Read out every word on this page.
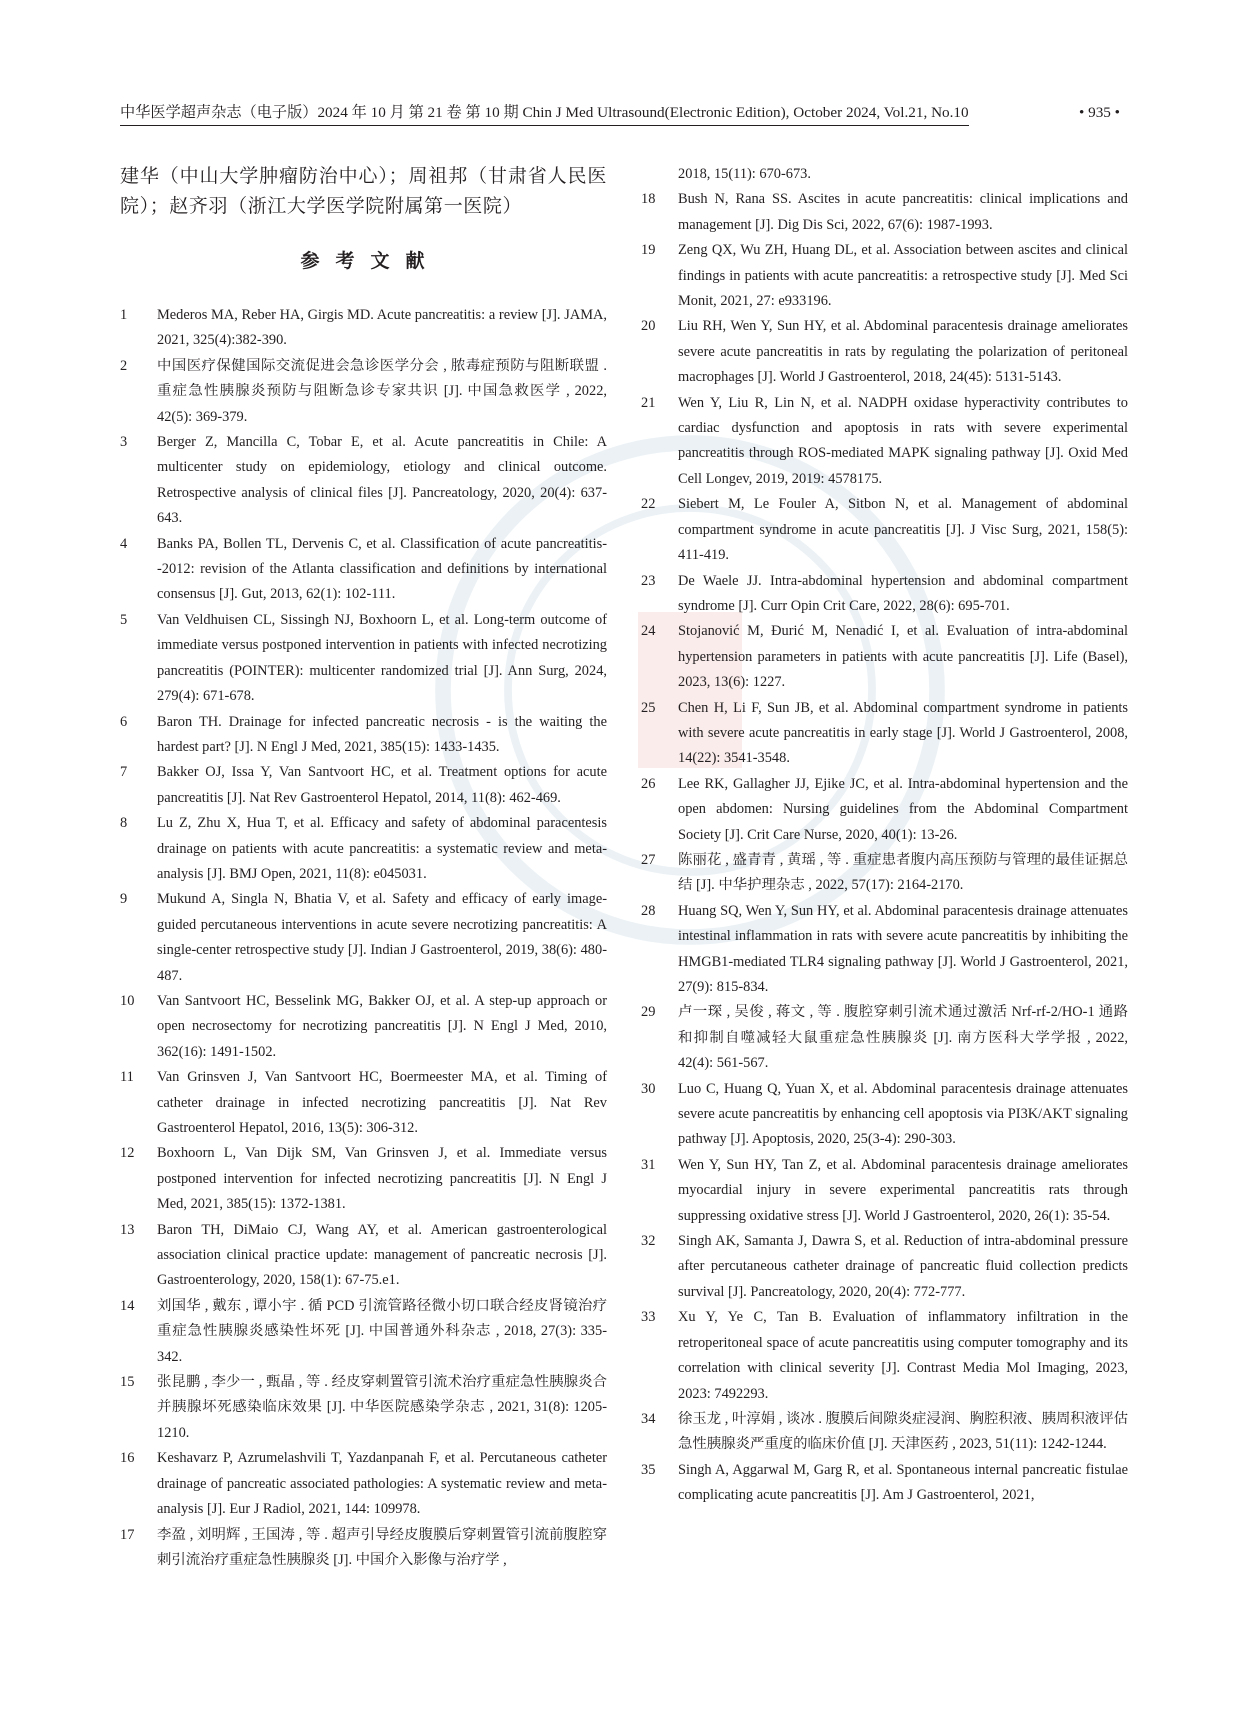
中华医学超声杂志（电子版）2024 年 10 月 第 21 卷 第 10 期 Chin J Med Ultrasound(Electronic Edition), October 2024, Vol.21, No.10	• 935 •

建华（中山大学肿瘤防治中心）；周祖邦（甘肃省人民医院）；赵齐羽（浙江大学医学院附属第一医院）

参考文献
1 Mederos MA, Reber HA, Girgis MD. Acute pancreatitis: a review [J]. JAMA, 2021, 325(4):382-390.
2 中国医疗保健国际交流促进会急诊医学分会 , 脓毒症预防与阻断联盟 . 重症急性胰腺炎预防与阻断急诊专家共识 [J]. 中国急救医学 , 2022, 42(5): 369-379.
3 Berger Z, Mancilla C, Tobar E, et al. Acute pancreatitis in Chile: A multicenter study on epidemiology, etiology and clinical outcome. Retrospective analysis of clinical files [J]. Pancreatology, 2020, 20(4): 637-643.
4 Banks PA, Bollen TL, Dervenis C, et al. Classification of acute pancreatitis--2012: revision of the Atlanta classification and definitions by international consensus [J]. Gut, 2013, 62(1): 102-111.
5 Van Veldhuisen CL, Sissingh NJ, Boxhoorn L, et al. Long-term outcome of immediate versus postponed intervention in patients with infected necrotizing pancreatitis (POINTER): multicenter randomized trial [J]. Ann Surg, 2024, 279(4): 671-678.
6 Baron TH. Drainage for infected pancreatic necrosis - is the waiting the hardest part? [J]. N Engl J Med, 2021, 385(15): 1433-1435.
7 Bakker OJ, Issa Y, Van Santvoort HC, et al. Treatment options for acute pancreatitis [J]. Nat Rev Gastroenterol Hepatol, 2014, 11(8): 462-469.
8 Lu Z, Zhu X, Hua T, et al. Efficacy and safety of abdominal paracentesis drainage on patients with acute pancreatitis: a systematic review and meta-analysis [J]. BMJ Open, 2021, 11(8): e045031.
9 Mukund A, Singla N, Bhatia V, et al. Safety and efficacy of early image-guided percutaneous interventions in acute severe necrotizing pancreatitis: A single-center retrospective study [J]. Indian J Gastroenterol, 2019, 38(6): 480-487.
10 Van Santvoort HC, Besselink MG, Bakker OJ, et al. A step-up approach or open necrosectomy for necrotizing pancreatitis [J]. N Engl J Med, 2010, 362(16): 1491-1502.
11 Van Grinsven J, Van Santvoort HC, Boermeester MA, et al. Timing of catheter drainage in infected necrotizing pancreatitis [J]. Nat Rev Gastroenterol Hepatol, 2016, 13(5): 306-312.
12 Boxhoorn L, Van Dijk SM, Van Grinsven J, et al. Immediate versus postponed intervention for infected necrotizing pancreatitis [J]. N Engl J Med, 2021, 385(15): 1372-1381.
13 Baron TH, DiMaio CJ, Wang AY, et al. American gastroenterological association clinical practice update: management of pancreatic necrosis [J]. Gastroenterology, 2020, 158(1): 67-75.e1.
14 刘国华 , 戴东 , 谭小宇 . 循 PCD 引流管路径微小切口联合经皮肾镜治疗重症急性胰腺炎感染性坏死 [J]. 中国普通外科杂志 , 2018, 27(3): 335-342.
15 张昆鹏 , 李少一 , 甄晶 , 等 . 经皮穿刺置管引流术治疗重症急性胰腺炎合并胰腺坏死感染临床效果 [J]. 中华医院感染学杂志 , 2021, 31(8): 1205-1210.
16 Keshavarz P, Azrumelashvili T, Yazdanpanah F, et al. Percutaneous catheter drainage of pancreatic associated pathologies: A systematic review and meta-analysis [J]. Eur J Radiol, 2021, 144: 109978.
17 李盈 , 刘明辉 , 王国涛 , 等 . 超声引导经皮腹膜后穿刺置管引流前腹腔穿刺引流治疗重症急性胰腺炎 [J]. 中国介入影像与治疗学 ,
2018, 15(11): 670-673.
18 Bush N, Rana SS. Ascites in acute pancreatitis: clinical implications and management [J]. Dig Dis Sci, 2022, 67(6): 1987-1993.
19 Zeng QX, Wu ZH, Huang DL, et al. Association between ascites and clinical findings in patients with acute pancreatitis: a retrospective study [J]. Med Sci Monit, 2021, 27: e933196.
20 Liu RH, Wen Y, Sun HY, et al. Abdominal paracentesis drainage ameliorates severe acute pancreatitis in rats by regulating the polarization of peritoneal macrophages [J]. World J Gastroenterol, 2018, 24(45): 5131-5143.
21 Wen Y, Liu R, Lin N, et al. NADPH oxidase hyperactivity contributes to cardiac dysfunction and apoptosis in rats with severe experimental pancreatitis through ROS-mediated MAPK signaling pathway [J]. Oxid Med Cell Longev, 2019, 2019: 4578175.
22 Siebert M, Le Fouler A, Sitbon N, et al. Management of abdominal compartment syndrome in acute pancreatitis [J]. J Visc Surg, 2021, 158(5): 411-419.
23 De Waele JJ. Intra-abdominal hypertension and abdominal compartment syndrome [J]. Curr Opin Crit Care, 2022, 28(6): 695-701.
24 Stojanović M, Đurić M, Nenadić I, et al. Evaluation of intra-abdominal hypertension parameters in patients with acute pancreatitis [J]. Life (Basel), 2023, 13(6): 1227.
25 Chen H, Li F, Sun JB, et al. Abdominal compartment syndrome in patients with severe acute pancreatitis in early stage [J]. World J Gastroenterol, 2008, 14(22): 3541-3548.
26 Lee RK, Gallagher JJ, Ejike JC, et al. Intra-abdominal hypertension and the open abdomen: Nursing guidelines from the Abdominal Compartment Society [J]. Crit Care Nurse, 2020, 40(1): 13-26.
27 陈丽花 , 盛青青 , 黄瑶 , 等 . 重症患者腹内高压预防与管理的最佳证据总结 [J]. 中华护理杂志 , 2022, 57(17): 2164-2170.
28 Huang SQ, Wen Y, Sun HY, et al. Abdominal paracentesis drainage attenuates intestinal inflammation in rats with severe acute pancreatitis by inhibiting the HMGB1-mediated TLR4 signaling pathway [J]. World J Gastroenterol, 2021, 27(9): 815-834.
29 卢一琛 , 吴俊 , 蒋文 , 等 . 腹腔穿刺引流术通过激活 Nrf-rf-2/HO-1 通路和抑制自噬减轻大鼠重症急性胰腺炎 [J]. 南方医科大学学报 , 2022, 42(4): 561-567.
30 Luo C, Huang Q, Yuan X, et al. Abdominal paracentesis drainage attenuates severe acute pancreatitis by enhancing cell apoptosis via PI3K/AKT signaling pathway [J]. Apoptosis, 2020, 25(3-4): 290-303.
31 Wen Y, Sun HY, Tan Z, et al. Abdominal paracentesis drainage ameliorates myocardial injury in severe experimental pancreatitis rats through suppressing oxidative stress [J]. World J Gastroenterol, 2020, 26(1): 35-54.
32 Singh AK, Samanta J, Dawra S, et al. Reduction of intra-abdominal pressure after percutaneous catheter drainage of pancreatic fluid collection predicts survival [J]. Pancreatology, 2020, 20(4): 772-777.
33 Xu Y, Ye C, Tan B. Evaluation of inflammatory infiltration in the retroperitoneal space of acute pancreatitis using computer tomography and its correlation with clinical severity [J]. Contrast Media Mol Imaging, 2023, 2023: 7492293.
34 徐玉龙 , 叶淳娟 , 谈冰 . 腹膜后间隙炎症浸润、胸腔积液、胰周积液评估急性胰腺炎严重度的临床价值 [J]. 天津医药 , 2023, 51(11): 1242-1244.
35 Singh A, Aggarwal M, Garg R, et al. Spontaneous internal pancreatic fistulae complicating acute pancreatitis [J]. Am J Gastroenterol, 2021,
